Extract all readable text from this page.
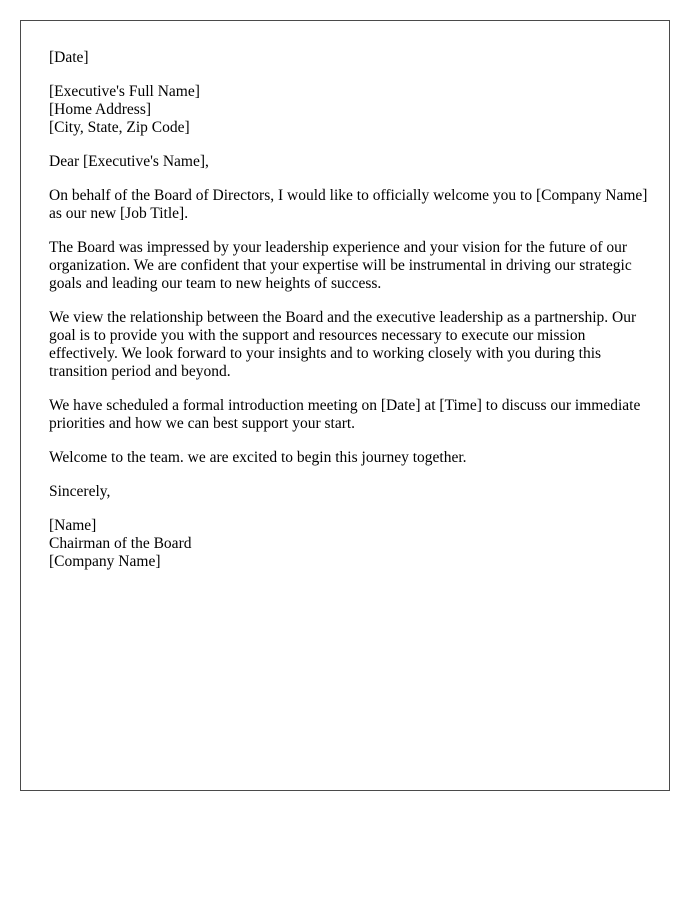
[Date]
[Executive's Full Name]
[Home Address]
[City, State, Zip Code]
Dear [Executive's Name],

On behalf of the Board of Directors, I would like to officially welcome you to [Company Name] as our new [Job Title].

The Board was impressed by your leadership experience and your vision for the future of our organization. We are confident that your expertise will be instrumental in driving our strategic goals and leading our team to new heights of success.

We view the relationship between the Board and the executive leadership as a partnership. Our goal is to provide you with the support and resources necessary to execute our mission effectively. We look forward to your insights and to working closely with you during this transition period and beyond.

We have scheduled a formal introduction meeting on [Date] at [Time] to discuss our immediate priorities and how we can best support your start.

Welcome to the team. we are excited to begin this journey together.

Sincerely,
[Name]
Chairman of the Board
[Company Name]
